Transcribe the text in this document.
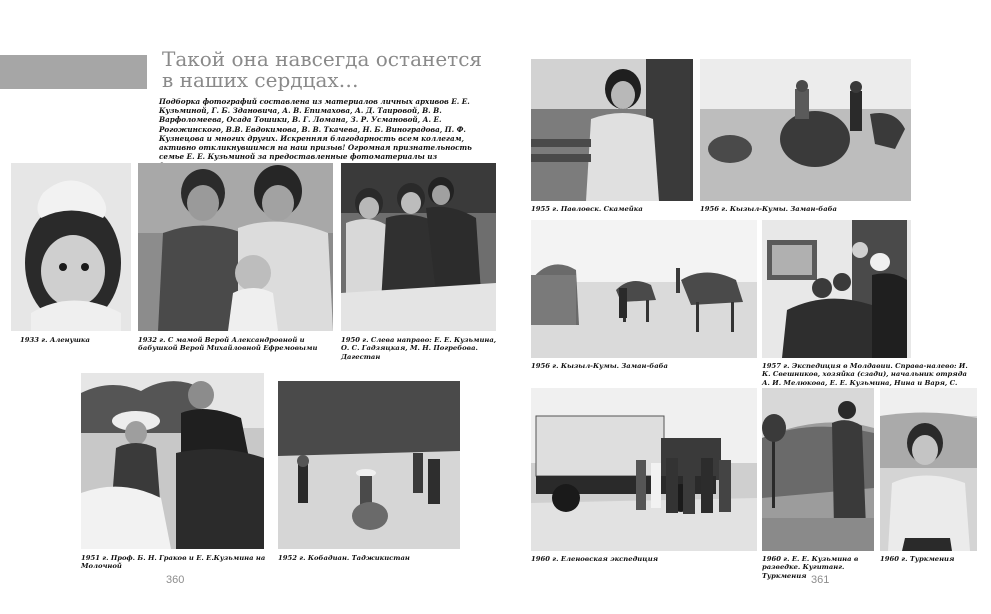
Такой она навсегда останется в наших сердцах…
Подборка фотографий составлена из материалов личных архивов Е. Е. Кузьминой, Г. Б. Здановича, А. В. Епимахова, А. Д. Таировой, В. В. Варфоломеева, Осада Тошики, В. Г. Ломана, З. Р. Усмановой, А. Е. Рогожинского, В.В. Евдокимова, В. В. Ткачева, Н. Б. Виноградова, П. Ф. Кузнецова и многих других. Искренняя благодарность всем коллегам, активно откликнувшимся на наш призыв! Огромная признательность семье Е. Е. Кузьминой за предоставленные фотоматериалы из
1933 г. Аленушка	1932 г. С мамой Верой Александровной и бабушкой Верой Михайловной Ефремовыми
1950 г. Слева направо: Е. Е. Кузьмина, О. С. Гадзяцкая, М. Н. Погребова. Дагестан
1951 г. Проф. Б. Н. Граков и Е. Е.Кузьмина на Молочной
1952 г. Кобадиан. Таджикистан
360
1955 г. Павловск. Скамейка	1956 г. Кызыл-Кумы. Заман-баба
1956 г. Кызыл-Кумы. Заман-баба	1957 г. Экспедиция в Молдавии. Справа-налево: И. К. Свешников, хозяйка (сзади), начальник отряда А. И. Мелюкова, Е. Е. Кузьмина, Нина и Варя, С.
1960 г. Еленовская экспедиция	1960 г. Е. Е. Кузьмина в разведке. Кугитанг. Туркмения
1960 г. Туркмения
361
